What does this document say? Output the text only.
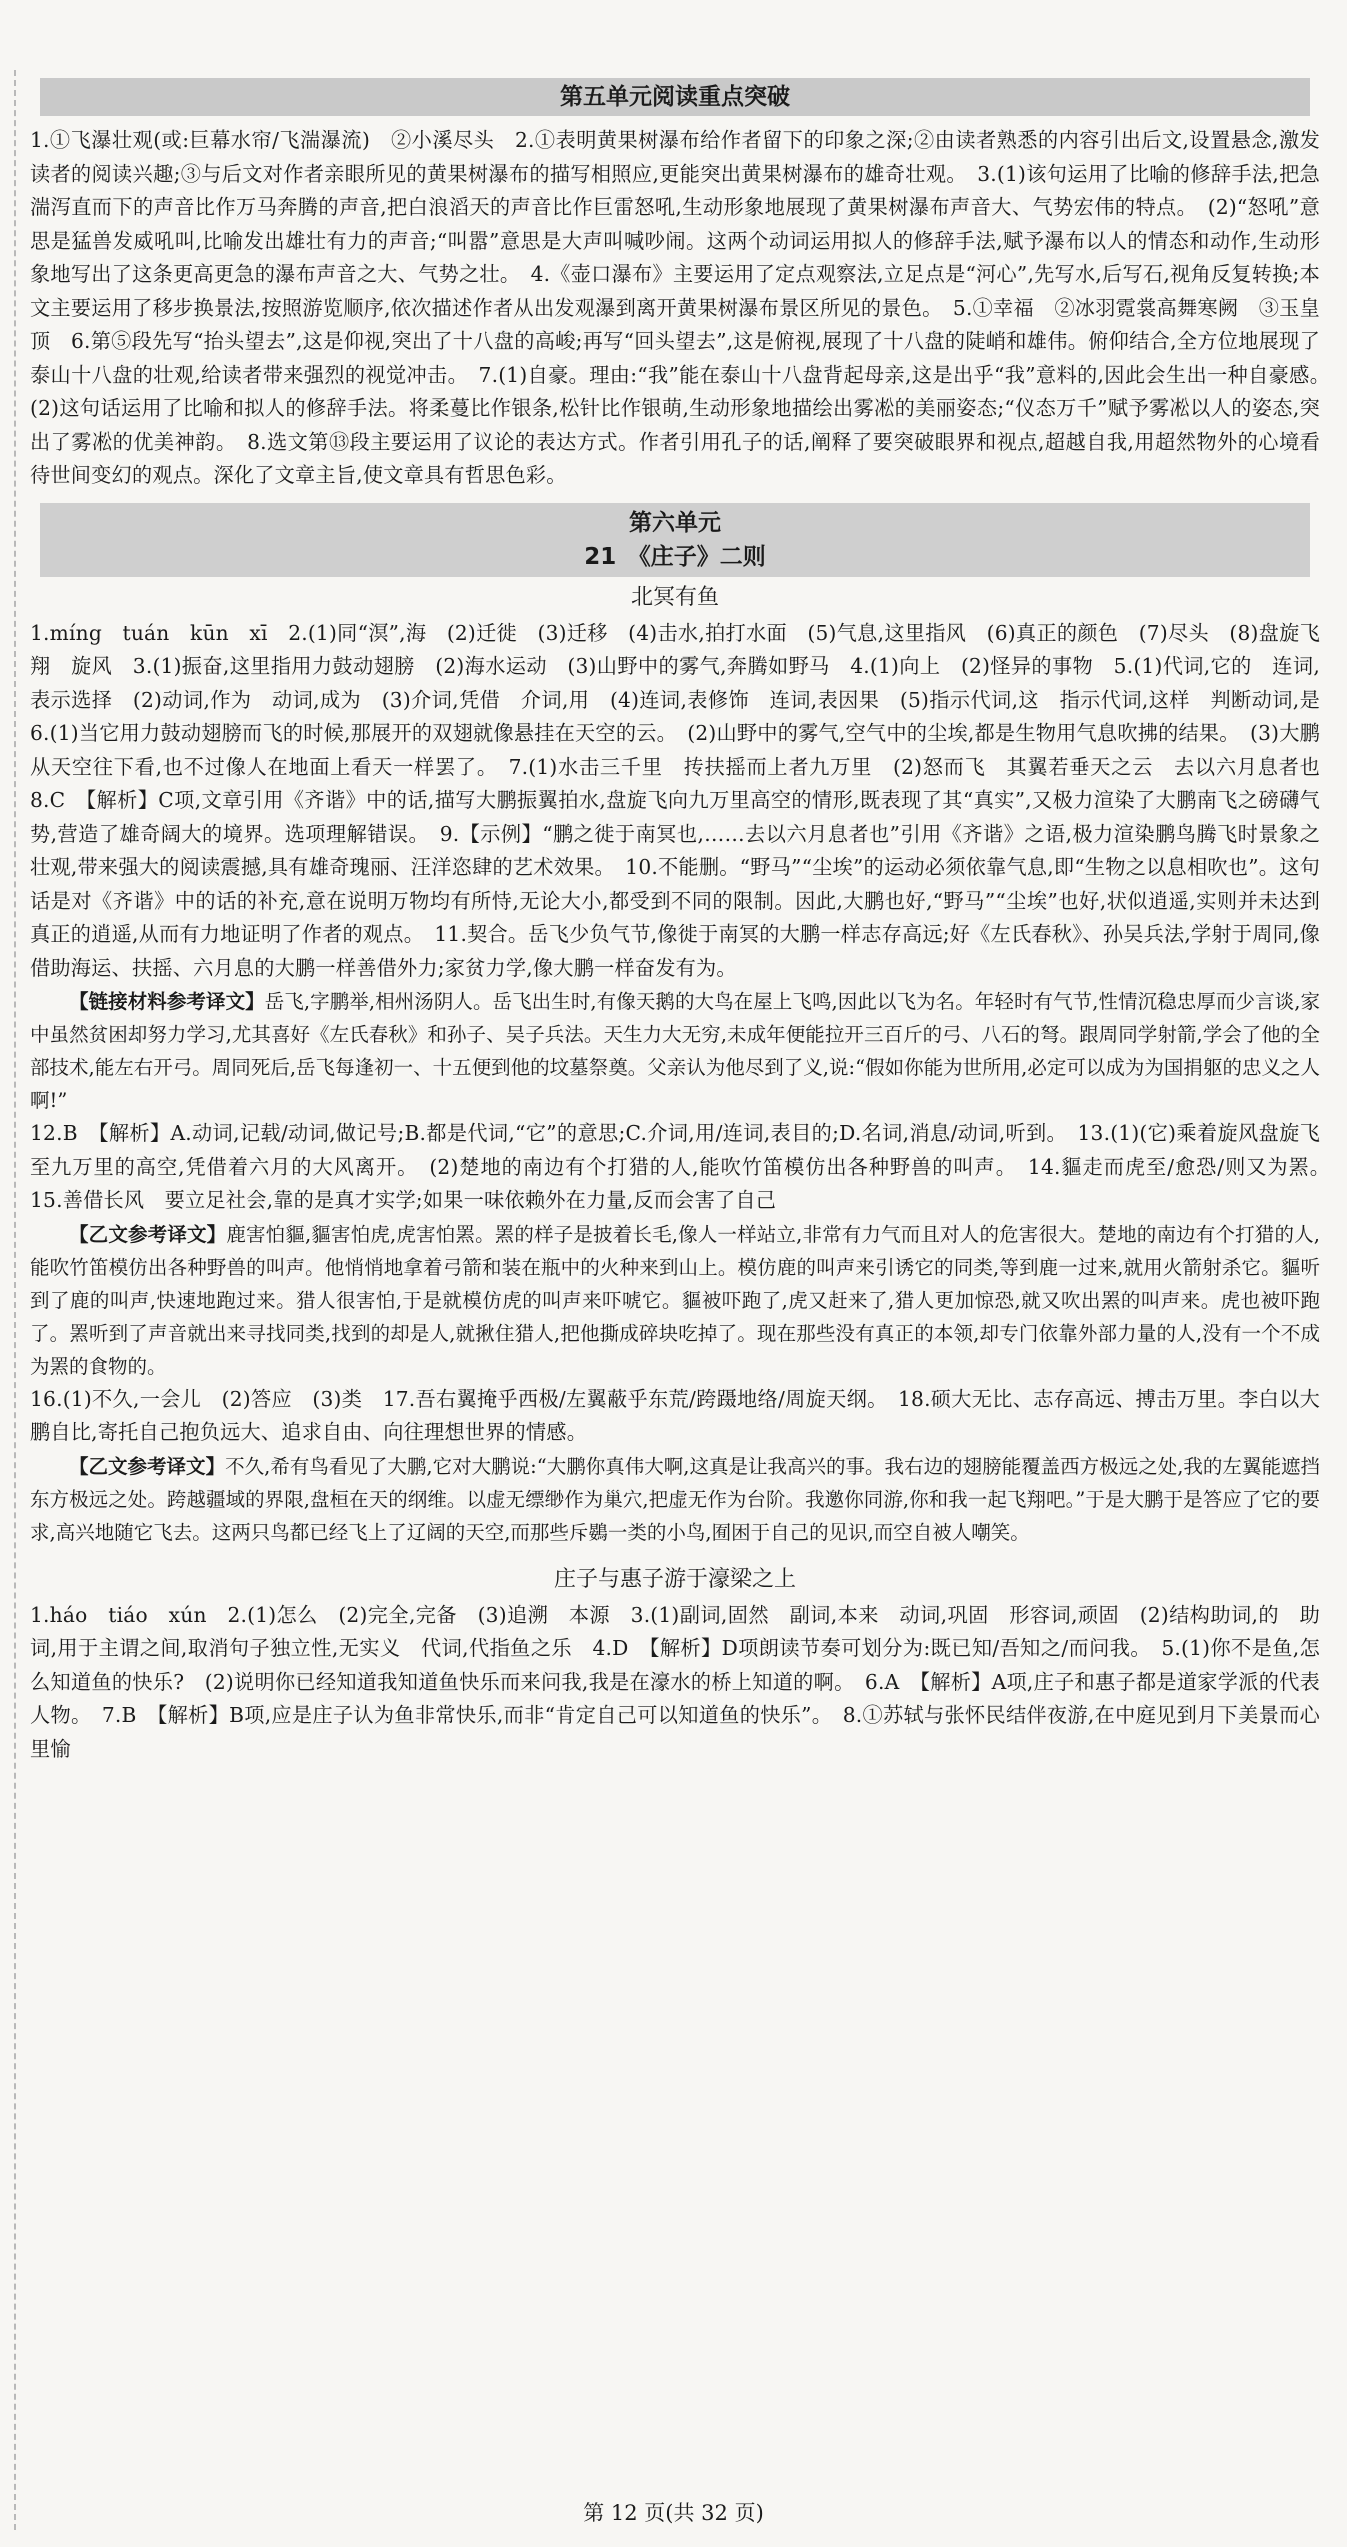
第五单元阅读重点突破

1.①飞瀑壮观(或:巨幕水帘/飞湍瀑流)　②小溪尽头　2.①表明黄果树瀑布给作者留下的印象之深;②由读者熟悉的内容引出后文,设置悬念,激发读者的阅读兴趣;③与后文对作者亲眼所见的黄果树瀑布的描写相照应,更能突出黄果树瀑布的雄奇壮观。　3.(1)该句运用了比喻的修辞手法,把急湍泻直而下的声音比作万马奔腾的声音,把白浪滔天的声音比作巨雷怒吼,生动形象地展现了黄果树瀑布声音大、气势宏伟的特点。　(2)“怒吼”意思是猛兽发威吼叫,比喻发出雄壮有力的声音;“叫嚣”意思是大声叫喊吵闹。这两个动词运用拟人的修辞手法,赋予瀑布以人的情态和动作,生动形象地写出了这条更高更急的瀑布声音之大、气势之壮。　4.《壶口瀑布》主要运用了定点观察法,立足点是“河心”,先写水,后写石,视角反复转换;本文主要运用了移步换景法,按照游览顺序,依次描述作者从出发观瀑到离开黄果树瀑布景区所见的景色。　5.①幸福　②冰羽霓裳高舞寒阙　③玉皇顶　6.第⑤段先写“抬头望去”,这是仰视,突出了十八盘的高峻;再写“回头望去”,这是俯视,展现了十八盘的陡峭和雄伟。俯仰结合,全方位地展现了泰山十八盘的壮观,给读者带来强烈的视觉冲击。　7.(1)自豪。理由:“我”能在泰山十八盘背起母亲,这是出乎“我”意料的,因此会生出一种自豪感。　(2)这句话运用了比喻和拟人的修辞手法。将柔蔓比作银条,松针比作银萌,生动形象地描绘出雾凇的美丽姿态;“仪态万千”赋予雾凇以人的姿态,突出了雾凇的优美神韵。　8.选文第⑬段主要运用了议论的表达方式。作者引用孔子的话,阐释了要突破眼界和视点,超越自我,用超然物外的心境看待世间变幻的观点。深化了文章主旨,使文章具有哲思色彩。

第六单元
21　《庄子》二则
北冥有鱼

1.míng　tuán　kūn　xī　2.(1)同“溟”,海　(2)迁徙　(3)迁移　(4)击水,拍打水面　(5)气息,这里指风　(6)真正的颜色　(7)尽头　(8)盘旋飞翔　旋风　3.(1)振奋,这里指用力鼓动翅膀　(2)海水运动　(3)山野中的雾气,奔腾如野马　4.(1)向上　(2)怪异的事物　5.(1)代词,它的　连词,表示选择　(2)动词,作为　动词,成为　(3)介词,凭借　介词,用　(4)连词,表修饰　连词,表因果　(5)指示代词,这　指示代词,这样　判断动词,是　6.(1)当它用力鼓动翅膀而飞的时候,那展开的双翅就像悬挂在天空的云。　(2)山野中的雾气,空气中的尘埃,都是生物用气息吹拂的结果。　(3)大鹏从天空往下看,也不过像人在地面上看天一样罢了。　7.(1)水击三千里　抟扶摇而上者九万里　(2)怒而飞　其翼若垂天之云　去以六月息者也　8.C　【解析】C项,文章引用《齐谐》中的话,描写大鹏振翼拍水,盘旋飞向九万里高空的情形,既表现了其“真实”,又极力渲染了大鹏南飞之磅礴气势,营造了雄奇阔大的境界。选项理解错误。　9.【示例】“鹏之徙于南冥也,……去以六月息者也”引用《齐谐》之语,极力渲染鹏鸟腾飞时景象之壮观,带来强大的阅读震撼,具有雄奇瑰丽、汪洋恣肆的艺术效果。　10.不能删。“野马”“尘埃”的运动必须依靠气息,即“生物之以息相吹也”。这句话是对《齐谐》中的话的补充,意在说明万物均有所恃,无论大小,都受到不同的限制。因此,大鹏也好,“野马”“尘埃”也好,状似逍遥,实则并未达到真正的逍遥,从而有力地证明了作者的观点。　11.契合。岳飞少负气节,像徙于南冥的大鹏一样志存高远;好《左氏春秋》、孙吴兵法,学射于周同,像借助海运、扶摇、六月息的大鹏一样善借外力;家贫力学,像大鹏一样奋发有为。

【链接材料参考译文】岳飞,字鹏举,相州汤阴人。岳飞出生时,有像天鹅的大鸟在屋上飞鸣,因此以飞为名。年轻时有气节,性情沉稳忠厚而少言谈,家中虽然贫困却努力学习,尤其喜好《左氏春秋》和孙子、吴子兵法。天生力大无穷,未成年便能拉开三百斤的弓、八石的弩。跟周同学射箭,学会了他的全部技术,能左右开弓。周同死后,岳飞每逢初一、十五便到他的坟墓祭奠。父亲认为他尽到了义,说:“假如你能为世所用,必定可以成为为国捐躯的忠义之人啊!”

12.B　【解析】A.动词,记载/动词,做记号;B.都是代词,“它”的意思;C.介词,用/连词,表目的;D.名词,消息/动词,听到。　13.(1)(它)乘着旋风盘旋飞至九万里的高空,凭借着六月的大风离开。　(2)楚地的南边有个打猎的人,能吹竹笛模仿出各种野兽的叫声。　14.貙走而虎至/愈恐/则又为罴。　15.善借长风　要立足社会,靠的是真才实学;如果一味依赖外在力量,反而会害了自己

【乙文参考译文】鹿害怕貙,貙害怕虎,虎害怕罴。罴的样子是披着长毛,像人一样站立,非常有力气而且对人的危害很大。楚地的南边有个打猎的人,能吹竹笛模仿出各种野兽的叫声。他悄悄地拿着弓箭和装在瓶中的火种来到山上。模仿鹿的叫声来引诱它的同类,等到鹿一过来,就用火箭射杀它。貙听到了鹿的叫声,快速地跑过来。猎人很害怕,于是就模仿虎的叫声来吓唬它。貙被吓跑了,虎又赶来了,猎人更加惊恐,就又吹出罴的叫声来。虎也被吓跑了。罴听到了声音就出来寻找同类,找到的却是人,就揪住猎人,把他撕成碎块吃掉了。现在那些没有真正的本领,却专门依靠外部力量的人,没有一个不成为罴的食物的。

16.(1)不久,一会儿　(2)答应　(3)类　17.吾右翼掩乎西极/左翼蔽乎东荒/跨蹑地络/周旋天纲。　18.硕大无比、志存高远、搏击万里。李白以大鹏自比,寄托自己抱负远大、追求自由、向往理想世界的情感。

【乙文参考译文】不久,希有鸟看见了大鹏,它对大鹏说:“大鹏你真伟大啊,这真是让我高兴的事。我右边的翅膀能覆盖西方极远之处,我的左翼能遮挡东方极远之处。跨越疆域的界限,盘桓在天的纲维。以虚无缥缈作为巢穴,把虚无作为台阶。我邀你同游,你和我一起飞翔吧。”于是大鹏于是答应了它的要求,高兴地随它飞去。这两只鸟都已经飞上了辽阔的天空,而那些斥鷃一类的小鸟,囿困于自己的见识,而空自被人嘲笑。

庄子与惠子游于濠梁之上

1.háo　tiáo　xún　2.(1)怎么　(2)完全,完备　(3)追溯　本源　3.(1)副词,固然　副词,本来　动词,巩固　形容词,顽固　(2)结构助词,的　助词,用于主谓之间,取消句子独立性,无实义　代词,代指鱼之乐　4.D　【解析】D项朗读节奏可划分为:既已知/吾知之/而问我。　5.(1)你不是鱼,怎么知道鱼的快乐?　(2)说明你已经知道我知道鱼快乐而来问我,我是在濠水的桥上知道的啊。　6.A　【解析】A项,庄子和惠子都是道家学派的代表人物。　7.B　【解析】B项,应是庄子认为鱼非常快乐,而非“肯定自己可以知道鱼的快乐”。　8.①苏轼与张怀民结伴夜游,在中庭见到月下美景而心里愉

第 12 页(共 32 页)
